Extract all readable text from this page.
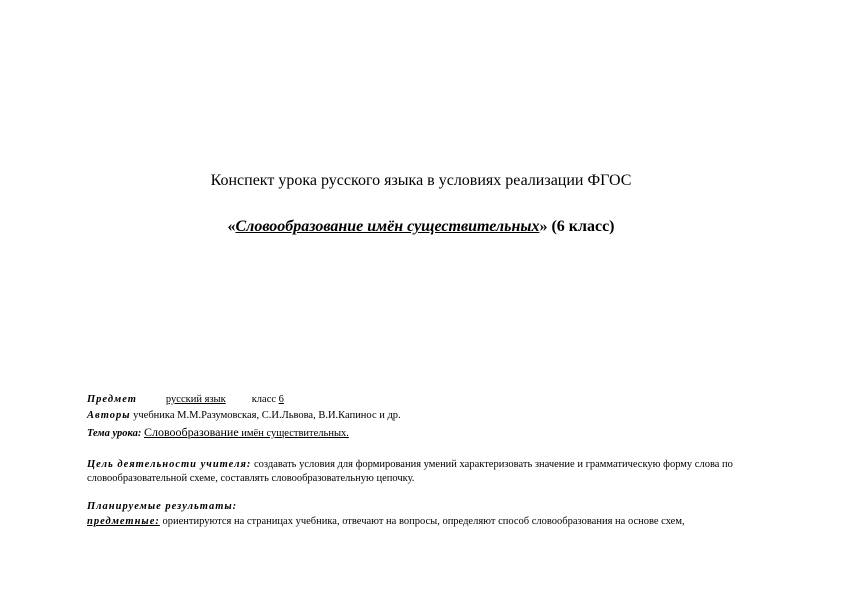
Конспект урока русского языка в условиях реализации ФГОС
«Словообразование имён существительных» (6 класс)
Предмет	русский язык класс 6
Авторы учебника М.М.Разумовская, С.И.Львова, В.И.Капинос и др.
Тема урока: Словообразование имён существительных.
Цель деятельности учителя: создавать условия для формирования умений характеризовать значение и грамматическую форму слова по
словообразовательной схеме, составлять словообразовательную цепочку.
Планируемые результаты:
предметные: ориентируются на страницах учебника, отвечают на вопросы, определяют способ словообразования на основе схем,
